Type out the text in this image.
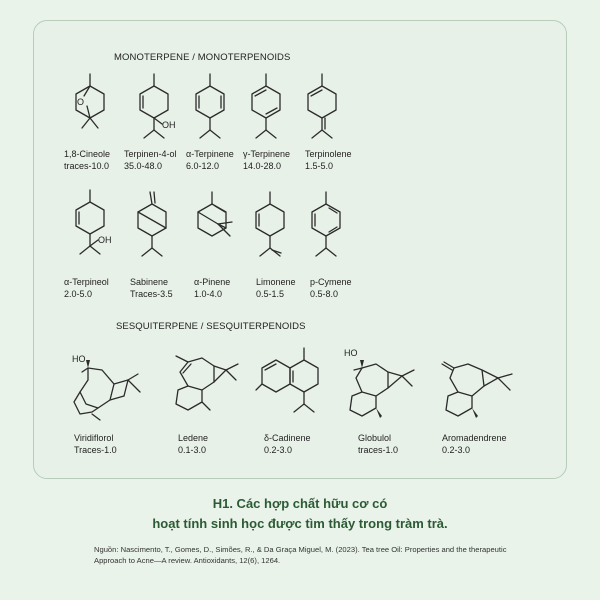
MONOTERPENE / MONOTERPENOIDS
SESQUITERPENE / SESQUITERPENOIDS
O
1,8-Cineole
traces-10.0
OH
Terpinen-4-ol
35.0-48.0
α-Terpinene
6.0-12.0
γ-Terpinene
14.0-28.0
Terpinolene
1.5-5.0
OH
α-Terpineol
2.0-5.0
Sabinene
Traces-3.5
α-Pinene
1.0-4.0
Limonene
0.5-1.5
p-Cymene
0.5-8.0
HO
Viridiflorol
Traces-1.0
Ledene
0.1-3.0
δ-Cadinene
0.2-3.0
HO
Globulol
traces-1.0
Aromadendrene
0.2-3.0
H1. Các hợp chất hữu cơ có
hoạt tính sinh học được tìm thấy trong tràm trà.
Nguồn: Nascimento, T., Gomes, D., Simões, R., & Da Graça Miguel, M. (2023). Tea tree Oil: Properties and the therapeutic Approach to Acne—A review. Antioxidants, 12(6), 1264.
